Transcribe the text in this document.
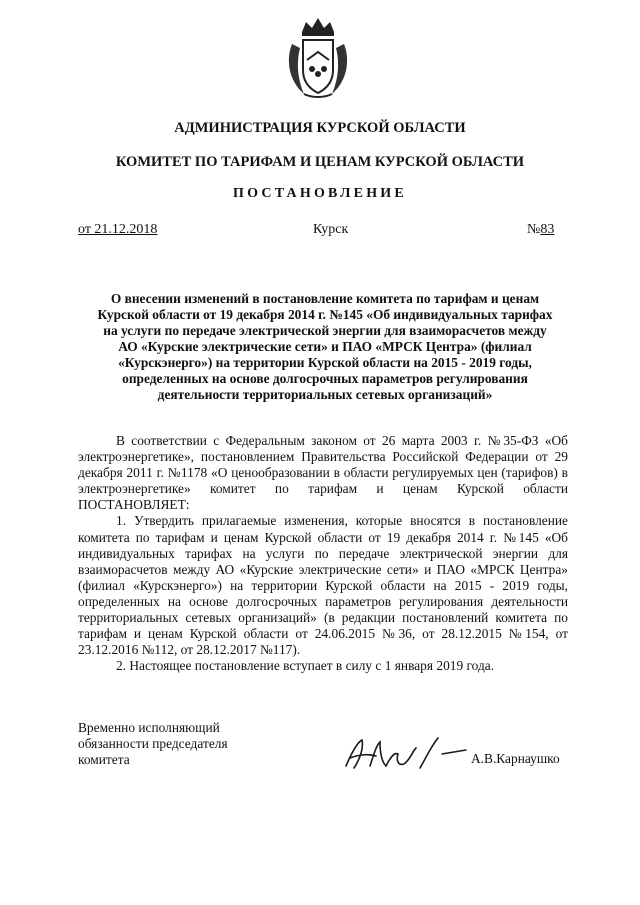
АДМИНИСТРАЦИЯ КУРСКОЙ ОБЛАСТИ
КОМИТЕТ ПО ТАРИФАМ И ЦЕНАМ КУРСКОЙ ОБЛАСТИ
ПОСТАНОВЛЕНИЕ
от 21.12.2018	Курск	№83
О внесении изменений в постановление комитета по тарифам и ценам
Курской области от 19 декабря 2014 г. №145 «Об индивидуальных тарифах
на услуги по передаче электрической энергии для взаиморасчетов между
АО «Курские электрические сети» и ПАО «МРСК Центра» (филиал
«Курскэнерго») на территории Курской области на 2015 - 2019 годы,
определенных на основе долгосрочных параметров регулирования
деятельности территориальных сетевых организаций»

В соответствии с Федеральным законом от 26 марта 2003 г. №35-ФЗ «Об электроэнергетике», постановлением Правительства Российской Федерации от 29 декабря 2011 г. №1178 «О ценообразовании в области регулируемых цен (тарифов) в электроэнергетике» комитет по тарифам и ценам Курской области ПОСТАНОВЛЯЕТ:

1. Утвердить прилагаемые изменения, которые вносятся в постановление комитета по тарифам и ценам Курской области от 19 декабря 2014 г. №145 «Об индивидуальных тарифах на услуги по передаче электрической энергии для взаиморасчетов между АО «Курские электрические сети» и ПАО «МРСК Центра» (филиал «Курскэнерго») на территории Курской области на 2015 - 2019 годы, определенных на основе долгосрочных параметров регулирования деятельности территориальных сетевых организаций» (в редакции постановлений комитета по тарифам и ценам Курской области от 24.06.2015 №36, от 28.12.2015 №154, от 23.12.2016 №112, от 28.12.2017 №117).

2. Настоящее постановление вступает в силу с 1 января 2019 года.

Временно исполняющий
обязанности председателя
комитета	А.В.Карнаушко
